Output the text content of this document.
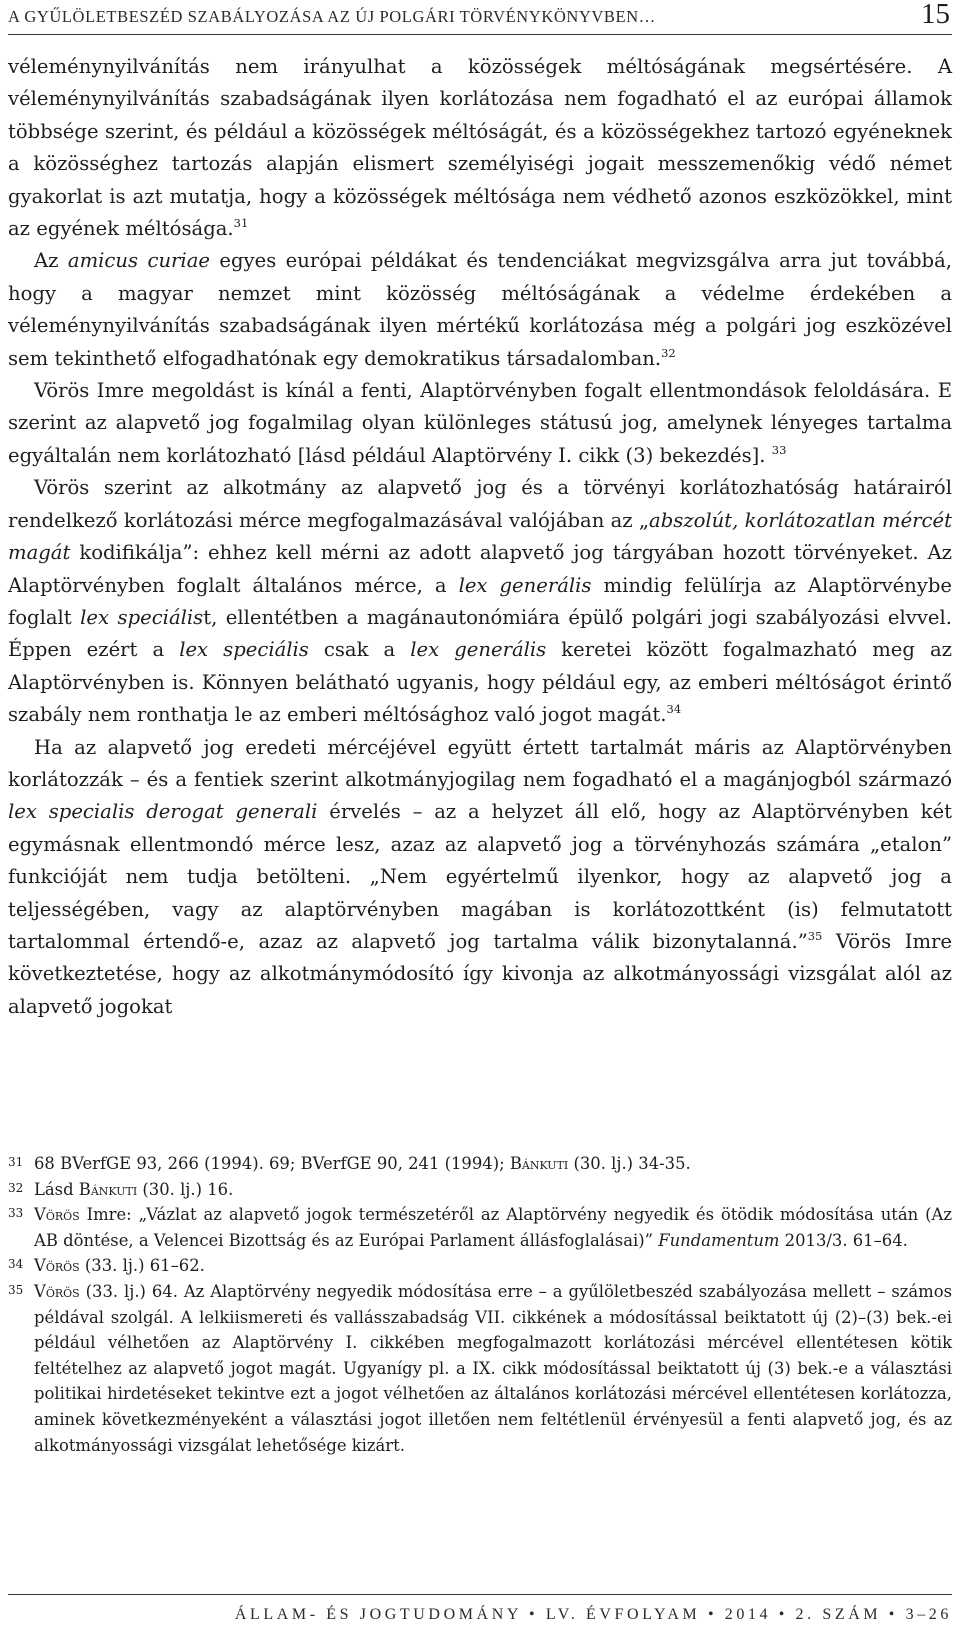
A GYŰLÖLETBESZÉD SZABÁLYOZÁSA AZ ÚJ POLGÁRI TÖRVÉNYKÖNYVBEN…	15

véleménynyilvánítás nem irányulhat a közösségek méltóságának megsértésére. A véleménynyilvánítás szabadságának ilyen korlátozása nem fogadható el az európai államok többsége szerint, és például a közösségek méltóságát, és a közösségekhez tartozó egyéneknek a közösséghez tartozás alapján elismert személyiségi jogait messzemenőkig védő német gyakorlat is azt mutatja, hogy a közösségek méltósága nem védhető azonos eszközökkel, mint az egyének méltósága.$^{31}$

Az amicus curiae egyes európai példákat és tendenciákat megvizsgálva arra jut továbbá, hogy a magyar nemzet mint közösség méltóságának a védelme érdekében a véleménynyilvánítás szabadságának ilyen mértékű korlátozása még a polgári jog eszközével sem tekinthető elfogadhatónak egy demokratikus társadalomban.$^{32}$

Vörös Imre megoldást is kínál a fenti, Alaptörvényben fogalt ellentmondások feloldására. E szerint az alapvető jog fogalmilag olyan különleges státusú jog, amelynek lényeges tartalma egyáltalán nem korlátozható [lásd például Alaptörvény I. cikk (3) bekezdés]. $^{33}$

Vörös szerint az alkotmány az alapvető jog és a törvényi korlátozhatóság határairól rendelkező korlátozási mérce megfogalmazásával valójában az „abszolút, korlátozatlan mércét magát kodifikálja”: ehhez kell mérni az adott alapvető jog tárgyában hozott törvényeket. Az Alaptörvényben foglalt általános mérce, a lex generális mindig felülírja az Alaptörvénybe foglalt lex speciálist, ellentétben a magánautonómiára épülő polgári jogi szabályozási elvvel. Éppen ezért a lex speciális csak a lex generális keretei között fogalmazható meg az Alaptörvényben is. Könnyen belátható ugyanis, hogy például egy, az emberi méltóságot érintő szabály nem ronthatja le az emberi méltósághoz való jogot magát.$^{34}$

Ha az alapvető jog eredeti mércéjével együtt értett tartalmát máris az Alaptörvényben korlátozzák – és a fentiek szerint alkotmányjogilag nem fogadható el a magánjogból származó lex specialis derogat generali érvelés – az a helyzet áll elő, hogy az Alaptörvényben két egymásnak ellentmondó mérce lesz, azaz az alapvető jog a törvényhozás számára „etalon” funkcióját nem tudja betölteni. „Nem egyértelmű ilyenkor, hogy az alapvető jog a teljességében, vagy az alaptörvényben magában is korlátozottként (is) felmutatott tartalommal értendő-e, azaz az alapvető jog tartalma válik bizonytalanná.”$^{35}$ Vörös Imre következtetése, hogy az alkotmánymódosító így kivonja az alkotmányossági vizsgálat alól az alapvető jogokat

31 68 BVerfGE 93, 266 (1994). 69; BVerfGE 90, 241 (1994); Bánkuti (30. lj.) 34-35.

32 Lásd Bánkuti (30. lj.) 16.

33 Vörös Imre: „Vázlat az alapvető jogok természetéről az Alaptörvény negyedik és ötödik módosítása után (Az AB döntése, a Velencei Bizottság és az Európai Parlament állásfoglalásai)” Fundamentum 2013/3. 61–64.

34 Vörös (33. lj.) 61–62.

35 Vörös (33. lj.) 64. Az Alaptörvény negyedik módosítása erre – a gyűlöletbeszéd szabályozása mellett – számos példával szolgál. A lelkiismereti és vallásszabadság VII. cikkének a módosítással beiktatott új (2)–(3) bek.-ei például vélhetően az Alaptörvény I. cikkében megfogalmazott korlátozási mércével ellentétesen kötik feltételhez az alapvető jogot magát. Ugyanígy pl. a IX. cikk módosítással beiktatott új (3) bek.-e a választási politikai hirdetéseket tekintve ezt a jogot vélhetően az általános korlátozási mércével ellentétesen korlátozza, aminek következményeként a választási jogot illetően nem feltétlenül érvényesül a fenti alapvető jog, és az alkotmányossági vizsgálat lehetősége kizárt.

ÁLLAM- ÉS JOGTUDOMÁNY • LV. ÉVFOLYAM • 2014 • 2. SZÁM • 3–26
